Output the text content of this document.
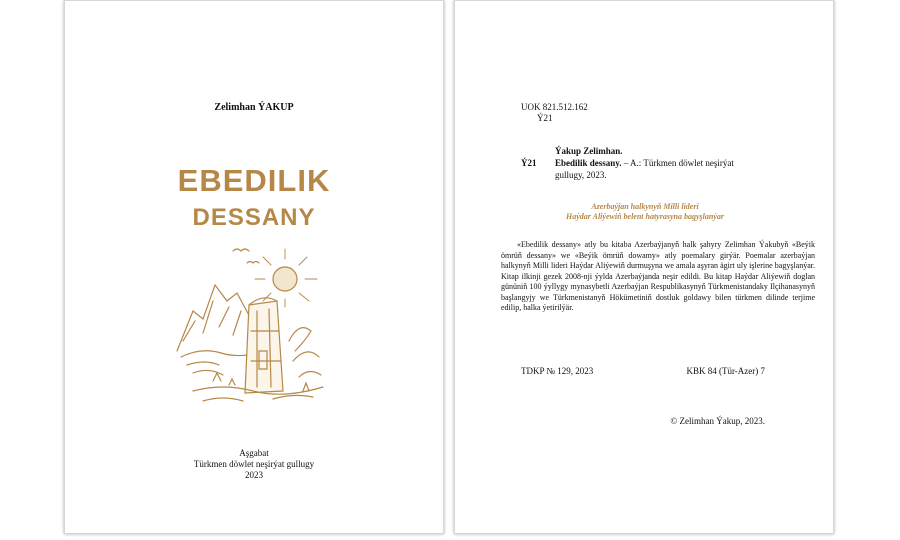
Zelimhan ÝAKUP
EBEDILIK
DESSANY
Aşgabat
Türkmen döwlet neşirýat gullugy
2023
UOK 821.512.162
Ý21
Ýakup Zelimhan.
Ý21 Ebedilik dessany. – A.: Türkmen döwlet neşirýat
gullugy, 2023.
Azerbaýjan halkynyň Milli lideri
Haýdar Aliýewiň belent hatyrasyna bagyşlanýar

«Ebedilik dessany» atly bu kitaba Azerbaýjanyň halk şahyry Zelimhan Ýakubyň «Beýik ömrüň dessany» we «Beýik ömrüň dowamy» atly poemalary girýär. Poemalar azerbaýjan halkynyň Milli lideri Haýdar Aliýewiň durmuşyna we amala aşyran ägirt uly işlerine bagyşlanýar. Kitap ilkinji gezek 2008-nji ýylda Azerbaýjanda neşir edildi. Bu kitap Haýdar Aliýewiň doglan gününiň 100 ýyllygy mynasybetli Azerbaýjan Respublikasynyň Türkmenistandaky Ilçihanasynyň başlangyjy we Türkmenistanyň Hökümetiniň dostluk goldawy bilen türkmen dilinde terjime edilip, halka ýetirilýär.

TDKP № 129, 2023	KBK 84 (Tür-Azer) 7
© Zelimhan Ýakup, 2023.
